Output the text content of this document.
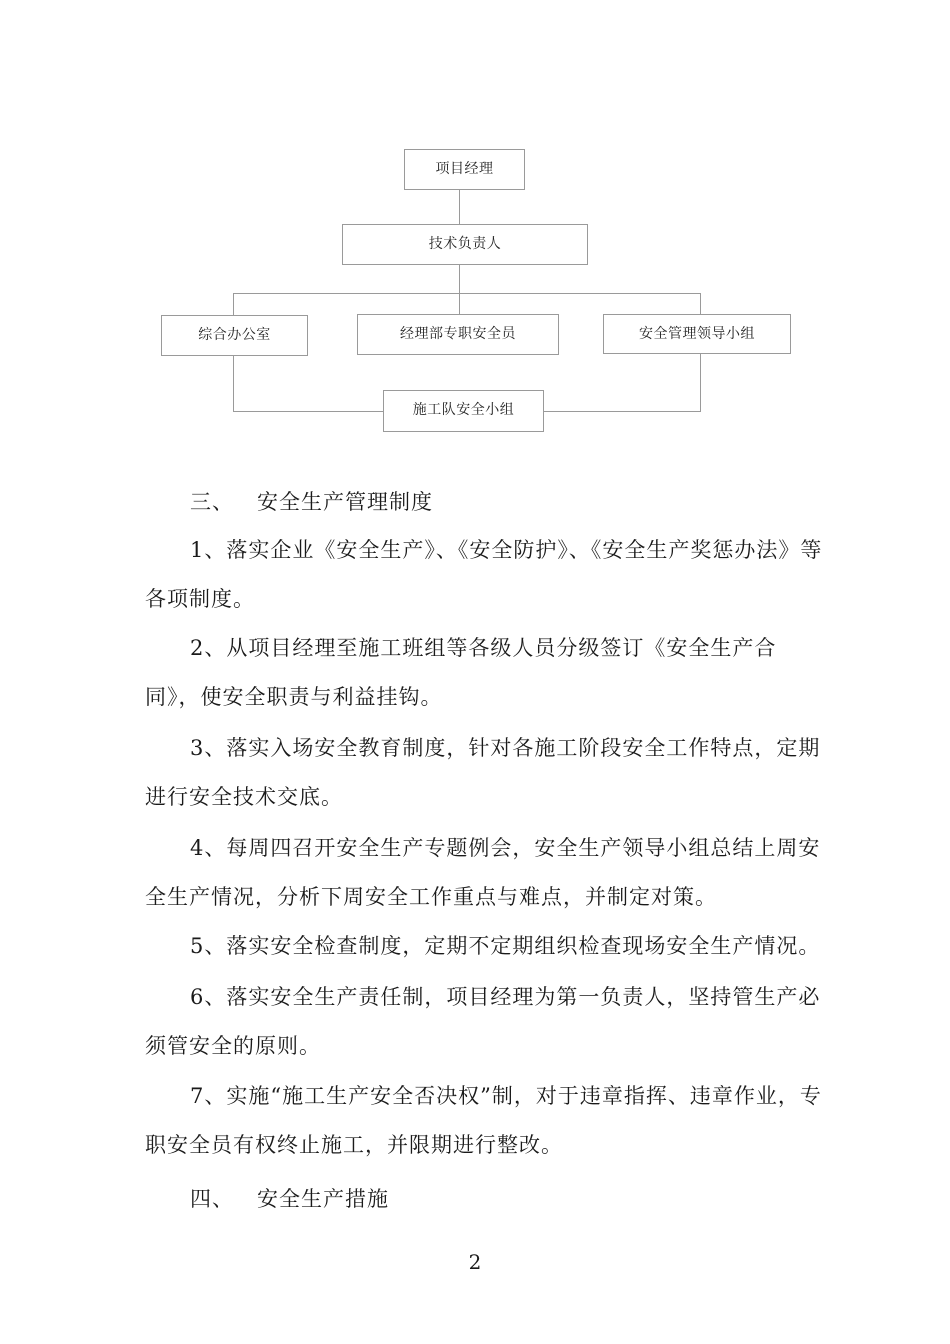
项目经理
技术负责人
综合办公室	经理部专职安全员	安全管理领导小组
施工队安全小组
三、 安全生产管理制度

1、落实企业《安全生产》、《安全防护》、《安全生产奖惩办法》等各项制度。

2、从项目经理至施工班组等各级人员分级签订《安全生产合同》，使安全职责与利益挂钩。

3、落实入场安全教育制度，针对各施工阶段安全工作特点，定期进行安全技术交底。

4、每周四召开安全生产专题例会，安全生产领导小组总结上周安全生产情况，分析下周安全工作重点与难点，并制定对策。

5、落实安全检查制度，定期不定期组织检查现场安全生产情况。

6、落实安全生产责任制，项目经理为第一负责人，坚持管生产必须管安全的原则。

7、实施“施工生产安全否决权”制，对于违章指挥、违章作业，专职安全员有权终止施工，并限期进行整改。

四、 安全生产措施
2
